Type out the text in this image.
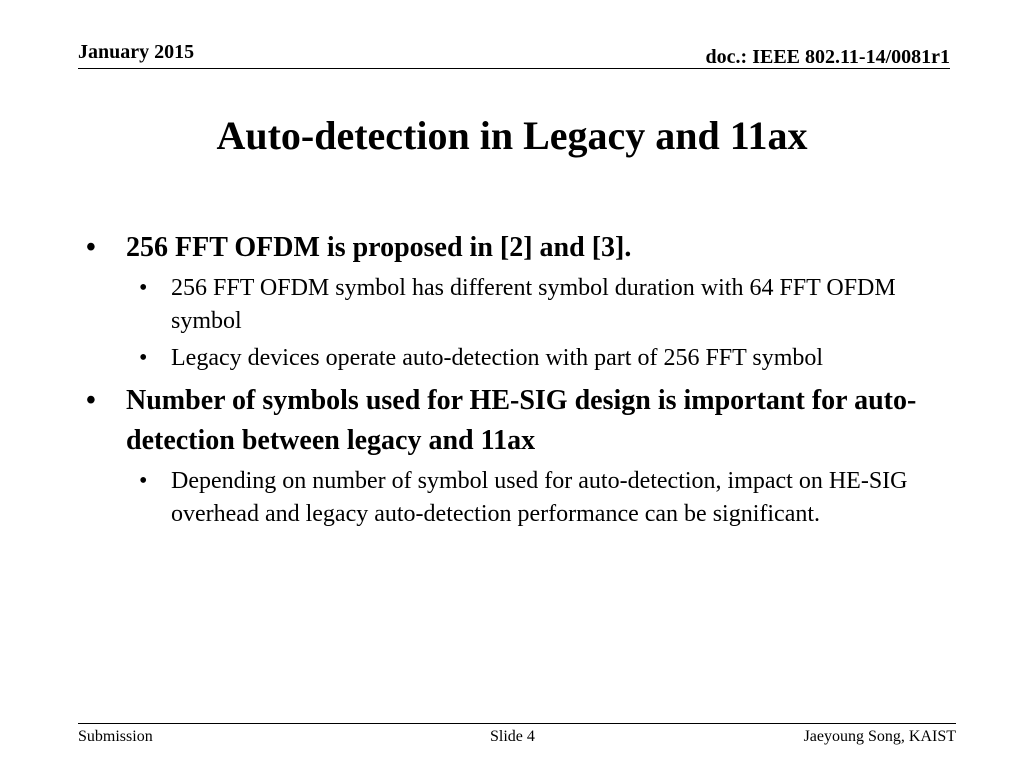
January 2015	doc.: IEEE 802.11-14/0081r1
Auto-detection in Legacy and 11ax
• 256 FFT OFDM is proposed in [2] and [3].
• 256 FFT OFDM symbol has different symbol duration with 64 FFT OFDM symbol
• Legacy devices operate auto-detection with part of 256 FFT symbol
• Number of symbols used for HE-SIG design is important for auto-detection between legacy and 11ax
• Depending on number of symbol used for auto-detection, impact on HE-SIG overhead and legacy auto-detection performance can be significant.
Submission	Slide 4	Jaeyoung Song, KAIST
